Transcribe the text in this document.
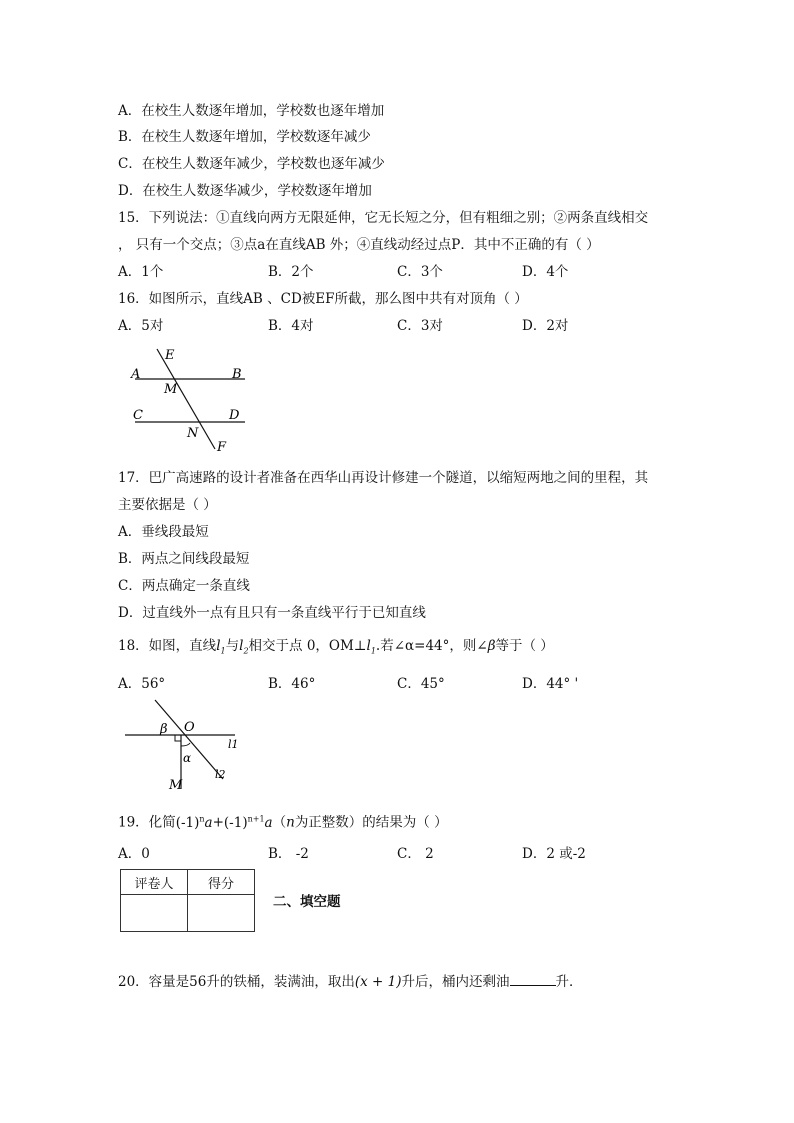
A．在校生人数逐年增加，学校数也逐年增加
B．在校生人数逐年增加，学校数逐年减少
C．在校生人数逐年减少，学校数也逐年减少
D．在校生人数逐华减少，学校数逐年增加
15．下列说法：①直线向两方无限延伸，它无长短之分，但有粗细之别；②两条直线相交
， 只有一个交点；③点a在直线AB 外；④直线动经过点P．其中不正确的有（ ）
A．1个	B．2个	C．3个	D．4个
16．如图所示，直线AB 、CD被EF所截，那么图中共有对顶角（ ）
A．5对	B．4对	C．3对	D．2对
E
A	B
M
C	D
N
F
17．巴广高速路的设计者准备在西华山再设计修建一个隧道，以缩短两地之间的里程，其
主要依据是（ ）
A．垂线段最短
B．两点之间线段最短
C．两点确定一条直线
D．过直线外一点有且只有一条直线平行于已知直线
18．如图，直线$l_1$与$l_2$相交于点 0，$OM\perp l_1$.若∠α=44°，则∠β等于（ ）
A．56°	B．46°	C．45°	D．44° '
β O
α
M
l1
l2
19．化简$(-1)^na+(-1)^{n+1}a(n$为正整数）的结果为（ ）
A．0	B． -2	C． 2	D．2 或-2
评卷人	得分

二、填空题
20．容量是56升的铁桶，装满油，取出(x + 1)升后，桶内还剩油	升．
